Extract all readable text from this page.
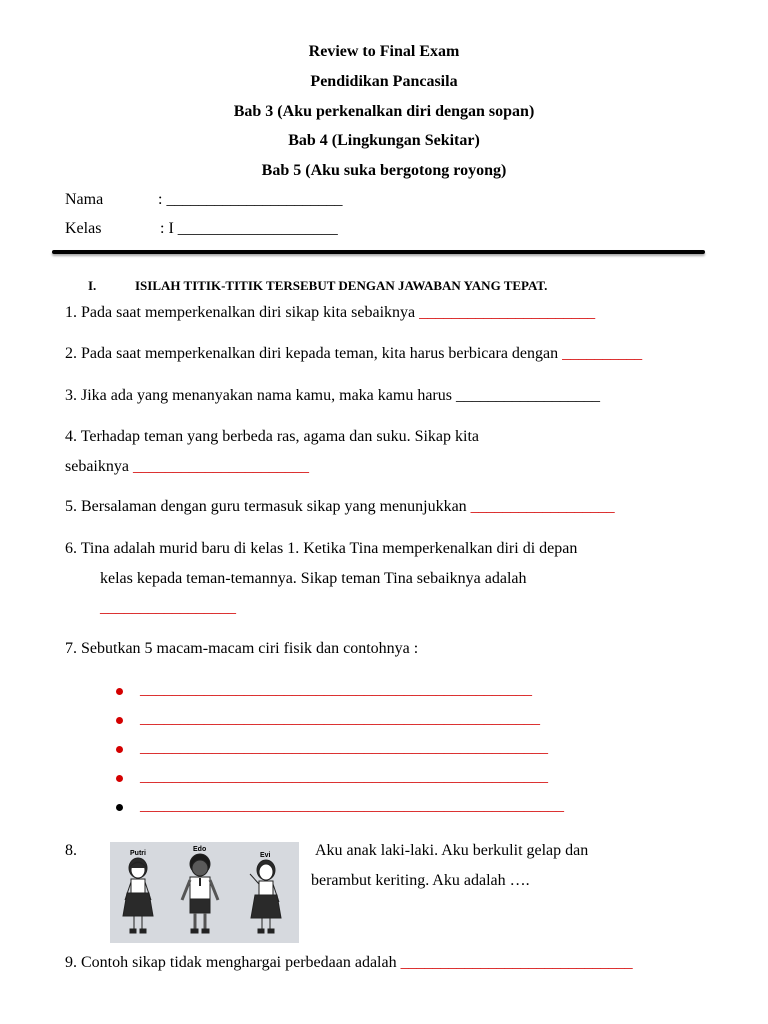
Review to Final Exam
Pendidikan Pancasila
Bab 3 (Aku perkenalkan diri dengan sopan)
Bab 4 (Lingkungan Sekitar)
Bab 5 (Aku suka bergotong royong)
Nama	: ______________________
Kelas	: I ____________________
I.	ISILAH TITIK-TITIK TERSEBUT DENGAN JAWABAN YANG TEPAT.
1. Pada saat memperkenalkan diri sikap kita sebaiknya ______________________
2. Pada saat memperkenalkan diri kepada teman, kita harus berbicara dengan __________
3. Jika ada yang menanyakan nama kamu, maka kamu harus __________________
4. Terhadap teman yang berbeda ras, agama dan suku. Sikap kita
sebaiknya ______________________
5. Bersalaman dengan guru termasuk sikap yang menunjukkan __________________
6. Tina adalah murid baru di kelas 1. Ketika Tina memperkenalkan diri di depan
kelas kepada teman-temannya. Sikap teman Tina sebaiknya adalah
_________________
7. Sebutkan 5 macam-macam ciri fisik dan contohnya :
_________________________________________________
__________________________________________________
___________________________________________________
___________________________________________________
_____________________________________________________
8.	Putri
Edo
Evi	Aku anak laki-laki. Aku berkulit gelap dan
berambut keriting. Aku adalah ….
9. Contoh sikap tidak menghargai perbedaan adalah _____________________________
